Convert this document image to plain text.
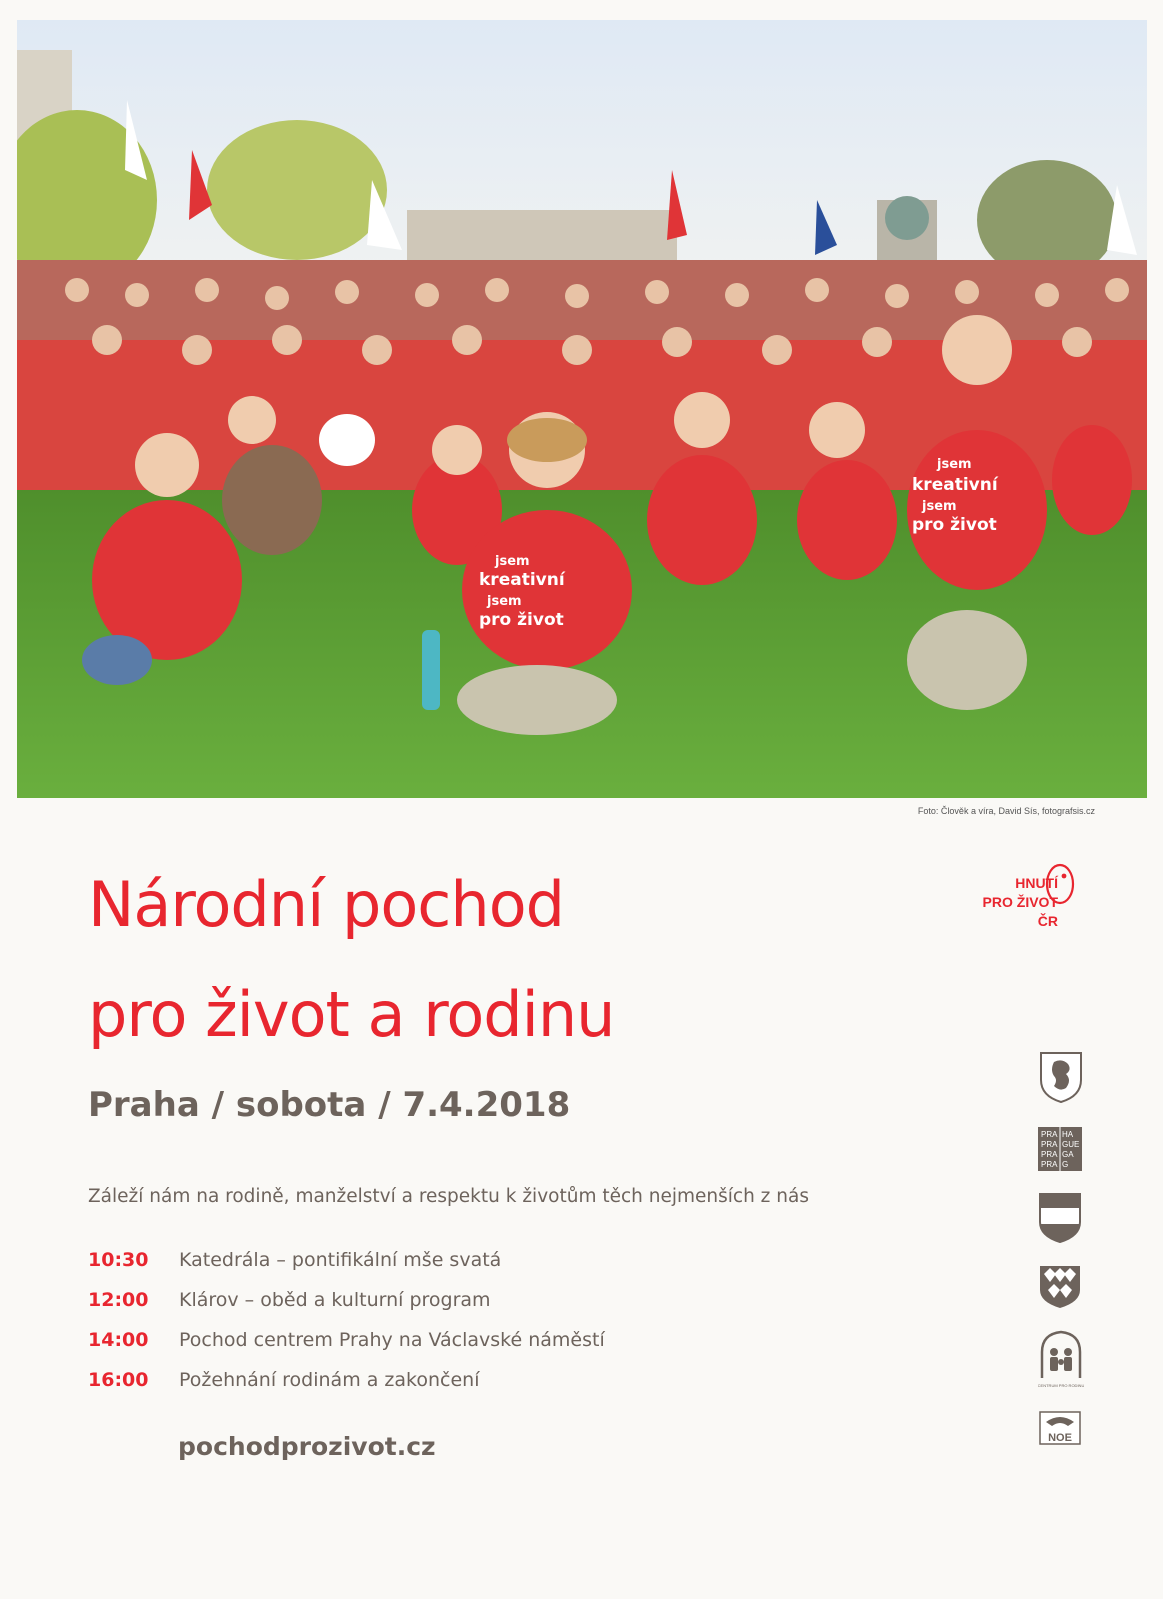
jsem
kreativní
jsem
pro život
jsem
kreativní
jsem
pro život
Foto: Člověk a víra, David Sís, fotografsis.cz
Národní pochod
pro život a rodinu
Praha / sobota / 7.4.2018
Záleží nám na rodině, manželství a respektu k životům těch nejmenších z nás
10:30	Katedrála – pontifikální mše svatá
12:00	Klárov – oběd a kulturní program
14:00	Pochod centrem Prahy na Václavské náměstí
16:00	Požehnání rodinám a zakončení
pochodprozivot.cz
HNUTÍ
PRO ŽIVOT
ČR
PRA HA
PRA GUE
PRA GA
PRA G
CENTRUM PRO RODINU
NOE
